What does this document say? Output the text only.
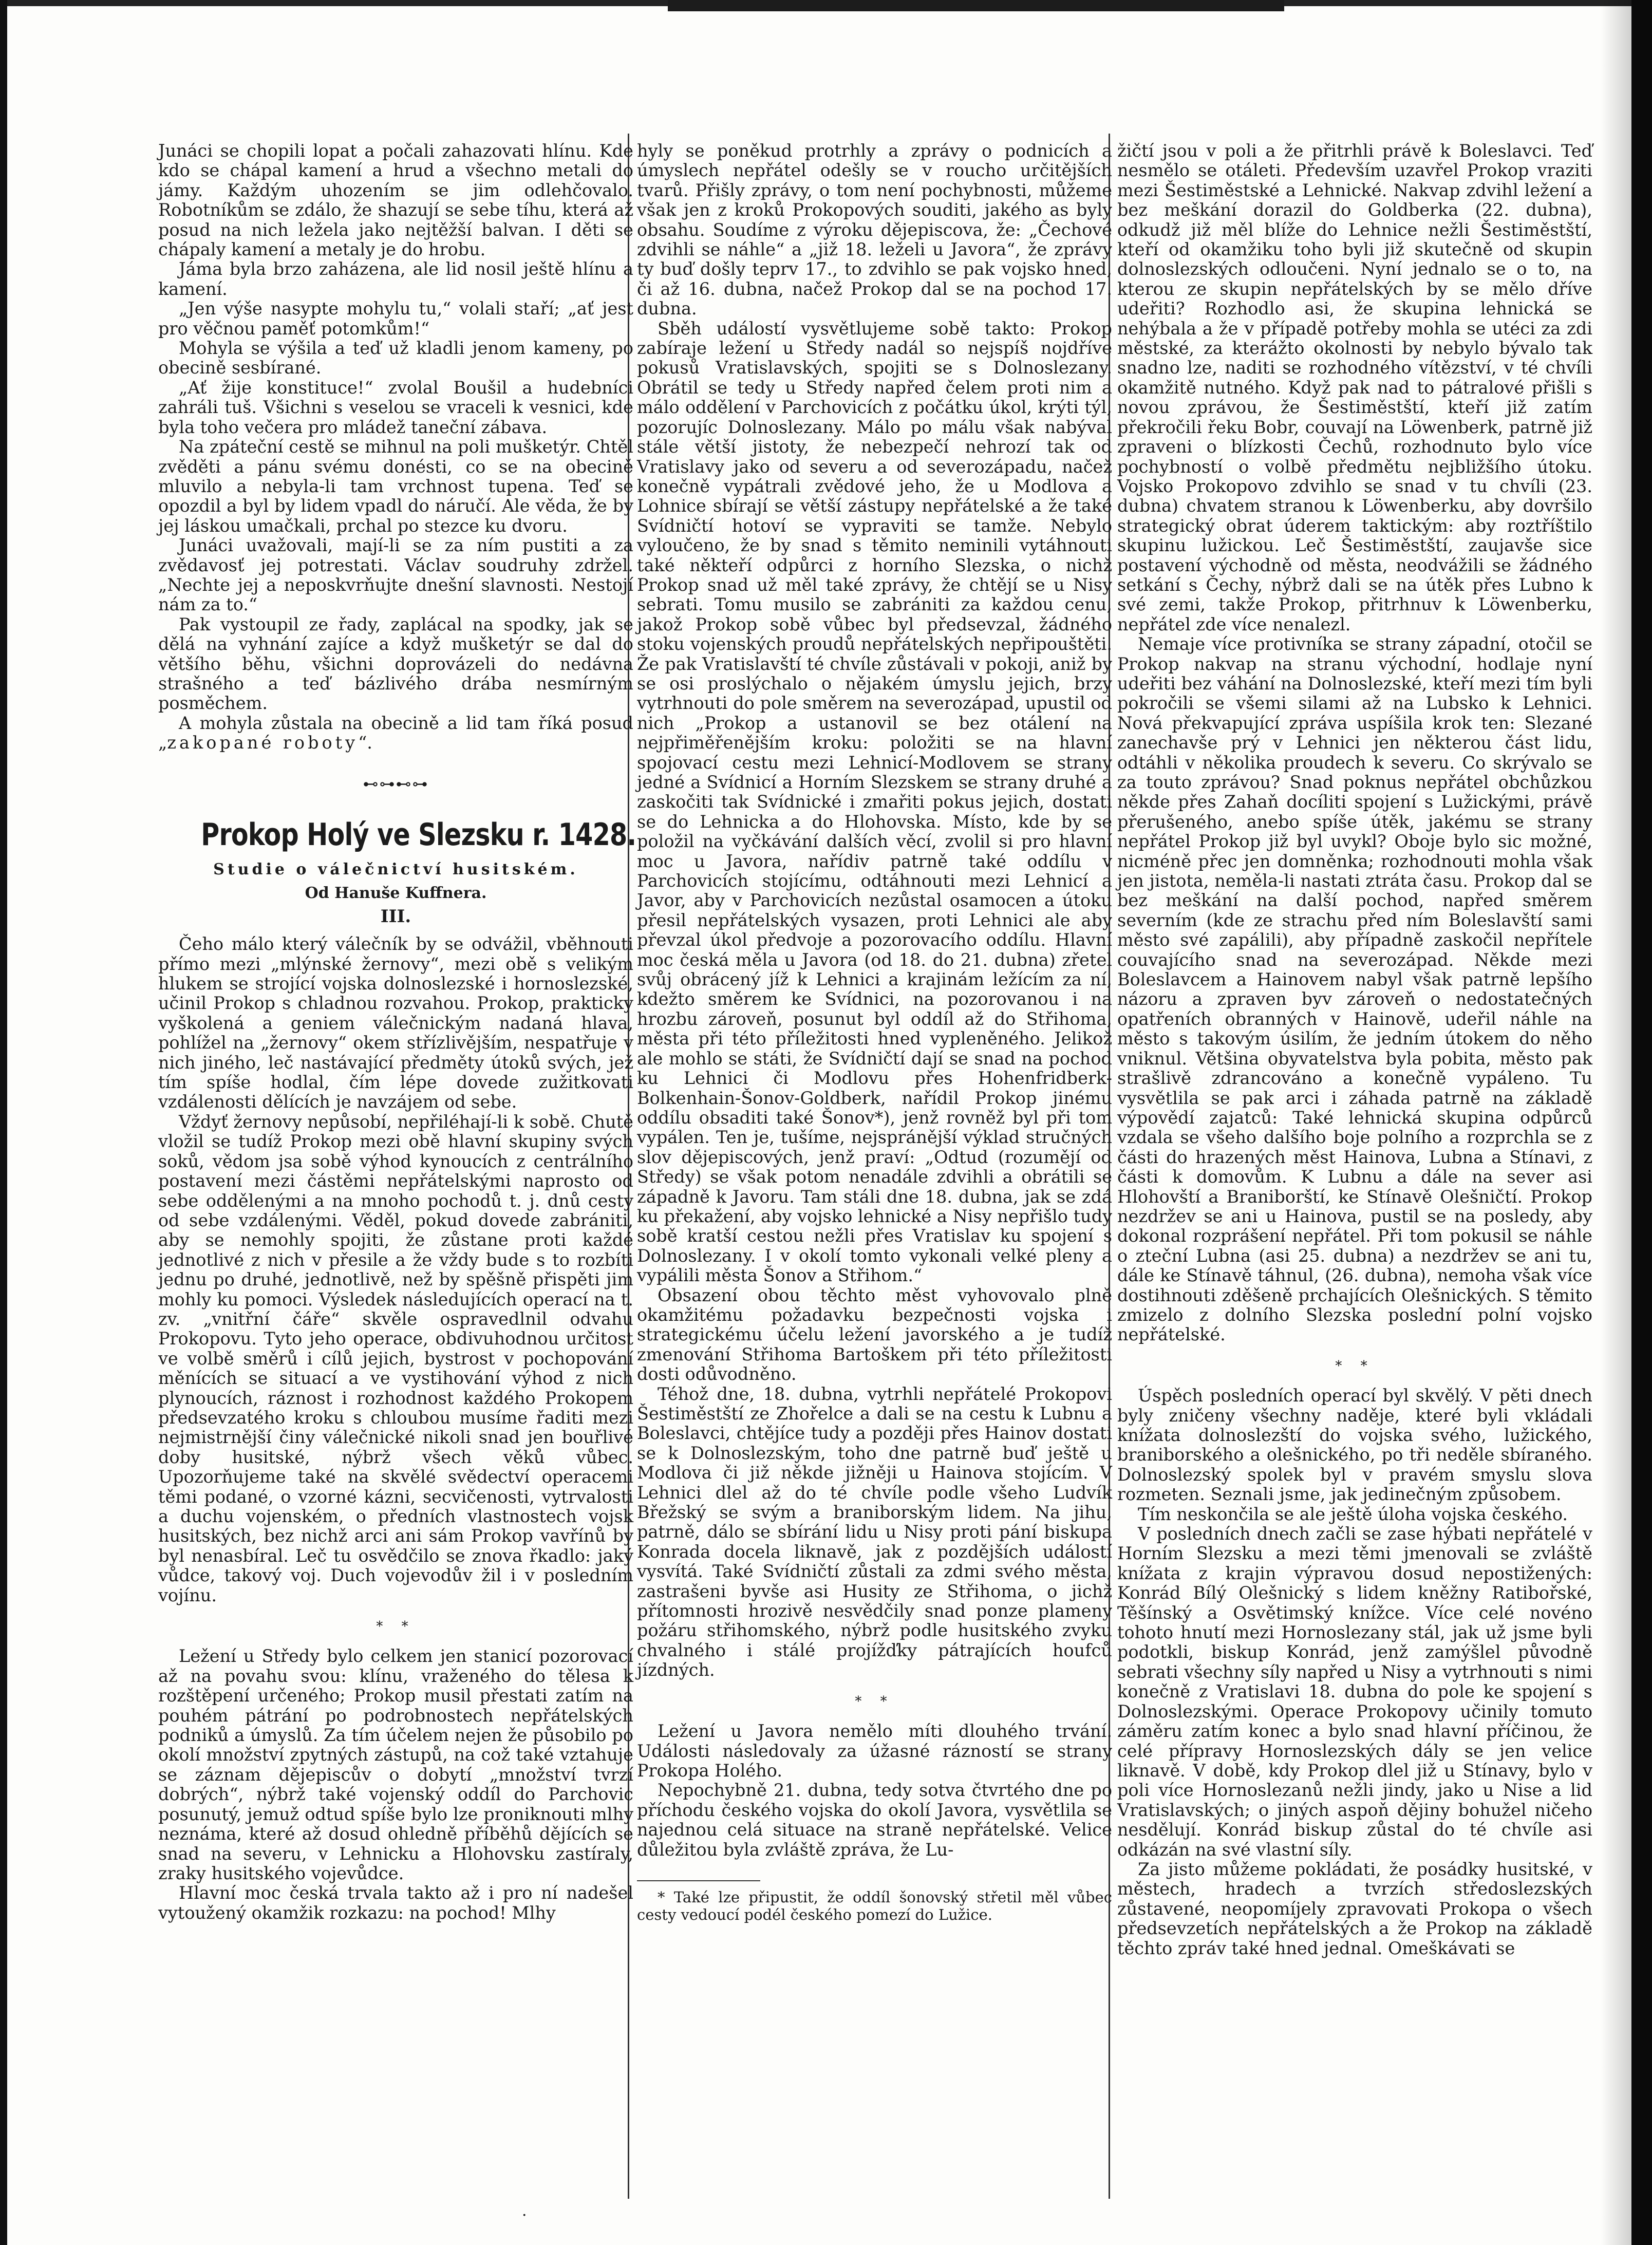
Junáci se chopili lopat a počali zahazovati hlínu. Kde kdo se chápal kamení a hrud a všechno metali do jámy. Každým uhozením se jim odlehčovalo. Robotníkům se zdálo, že shazují se sebe tíhu, která až posud na nich ležela jako nejtěžší balvan. I děti se chápaly kamení a metaly je do hrobu.

Jáma byla brzo zaházena, ale lid nosil ještě hlínu a kamení.

„Jen výše nasypte mohylu tu,“ volali staří; „ať jest pro věčnou paměť potomkům!“

Mohyla se výšila a teď už kladli jenom kameny, po obecině sesbírané.

„Ať žije konstituce!“ zvolal Boušil a hudebníci zahráli tuš. Všichni s veselou se vraceli k vesnici, kde byla toho večera pro mládež taneční zábava.

Na zpáteční cestě se mihnul na poli mušketýr. Chtěl zvěděti a pánu svému donésti, co se na obecině mluvilo a nebyla-li tam vrchnost tupena. Teď se opozdil a byl by lidem vpadl do náručí. Ale věda, že by jej láskou umačkali, prchal po stezce ku dvoru.

Junáci uvažovali, mají-li se za ním pustiti a za zvědavosť jej potrestati. Václav soudruhy zdržel. „Nechte jej a neposkvrňujte dnešní slavnosti. Nestojí nám za to.“

Pak vystoupil ze řady, zaplácal na spodky, jak se dělá na vyhnání zajíce a když mušketýr se dal do většího běhu, všichni doprovázeli do nedávna strašného a teď bázlivého drába nesmírným posměchem.

A mohyla zůstala na obecině a lid tam říká posud „zakopané roboty“.

⊷⊶⊷⊶
Prokop Holý ve Slezsku r. 1428.
Studie o válečnictví husitském.
Od Hanuše Kuffnera.
III.

Čeho málo který válečník by se odvážil, vběhnouti přímo mezi „mlýnské žernovy“, mezi obě s velikým hlukem se strojící vojska dolnoslezské i hornoslezské, učinil Prokop s chladnou rozvahou. Prokop, prakticky vyškolená a geniem válečnickým nadaná hlava, pohlížel na „žernovy“ okem střízlivějším, nespatřuje v nich jiného, leč nastávající předměty útoků svých, jež tím spíše hodlal, čím lépe dovede zužitkovati vzdálenosti dělících je navzájem od sebe.

Vždyť žernovy nepůsobí, nepřiléhají-li k sobě. Chutě vložil se tudíž Prokop mezi obě hlavní skupiny svých soků, vědom jsa sobě výhod kynoucích z centrálního postavení mezi částěmi nepřátelskými naprosto od sebe oddělenými a na mnoho pochodů t. j. dnů cesty od sebe vzdálenými. Věděl, pokud dovede zabrániti, aby se nemohly spojiti, že zůstane proti každé jednotlivé z nich v přesile a že vždy bude s to rozbíti jednu po druhé, jednotlivě, než by spěšně přispěti jim mohly ku pomoci. Výsledek následujících operací na t. zv. „vnitřní čáře“ skvěle ospravedlnil odvahu Prokopovu. Tyto jeho operace, obdivuhodnou určitost ve volbě směrů i cílů jejich, bystrost v pochopování měnících se situací a ve vystihování výhod z nich plynoucích, ráznost i rozhodnost každého Prokopem předsevzatého kroku s chloubou musíme řaditi mezi nejmistrnější činy válečnické nikoli snad jen bouřlivé doby husitské, nýbrž všech věků vůbec. Upozorňujeme také na skvělé svědectví operacemi těmi podané, o vzorné kázni, secvičenosti, vytrvalosti a duchu vojenském, o předních vlastnostech vojsk husitských, bez nichž arci ani sám Prokop vavřínů by byl nenasbíral. Leč tu osvědčilo se znova řkadlo: jaký vůdce, takový voj. Duch vojevodův žil i v posledním vojínu.

* *

Ležení u Středy bylo celkem jen stanicí pozorovací až na povahu svou: klínu, vraženého do tělesa k rozštěpení určeného; Prokop musil přestati zatím na pouhém pátrání po podrobnostech nepřátelských podniků a úmyslů. Za tím účelem nejen že působilo po okolí množství zpytných zástupů, na což také vztahuje se záznam dějepiscův o dobytí „množství tvrzí dobrých“, nýbrž také vojenský oddíl do Parchovic posunutý, jemuž odtud spíše bylo lze proniknouti mlhy neznáma, které až dosud ohledně příběhů dějících se snad na severu, v Lehnicku a Hlohovsku zastíraly, zraky husitského vojevůdce.

Hlavní moc česká trvala takto až i pro ní nadešel vytoužený okamžik rozkazu: na pochod! Mlhy

hyly se poněkud protrhly a zprávy o podnicích a úmyslech nepřátel odešly se v roucho určitějších tvarů. Přišly zprávy, o tom není pochybnosti, můžeme však jen z kroků Prokopových souditi, jakého as byly obsahu. Soudíme z výroku dějepiscova, že: „Čechové zdvihli se náhle“ a „již 18. leželi u Javora“, že zprávy ty buď došly teprv 17., to zdvihlo se pak vojsko hned, či až 16. dubna, načež Prokop dal se na pochod 17. dubna.

Sběh událostí vysvětlujeme sobě takto: Prokop zabíraje ležení u Středy nadál so nejspíš nojdříve pokusů Vratislavských, spojiti se s Dolnoslezany. Obrátil se tedy u Středy napřed čelem proti nim a málo oddělení v Parchovicích z počátku úkol, krýti týl, pozorujíc Dolnoslezany. Málo po málu však nabýval stále větší jistoty, že nebezpečí nehrozí tak od Vratislavy jako od severu a od severozápadu, načež konečně vypátrali zvědové jeho, že u Modlova a Lohnice sbírají se větší zástupy nepřátelské a že také Svídničtí hotoví se vypraviti se tamže. Nebylo vyloučeno, že by snad s těmito neminili vytáhnouti také někteří odpůrci z horního Slezska, o nichž Prokop snad už měl také zprávy, že chtějí se u Nisy sebrati. Tomu musilo se zabrániti za každou cenu, jakož Prokop sobě vůbec byl předsevzal, žádného stoku vojenských proudů nepřátelských nepřipouštěti. Že pak Vratislavští té chvíle zůstávali v pokoji, aniž by se osi proslýchalo o nějakém úmyslu jejich, brzy vytrhnouti do pole směrem na severozápad, upustil od nich „Prokop a ustanovil se bez otálení na nejpřiměřenějším kroku: položiti se na hlavní spojovací cestu mezi Lehnicí-Modlovem se strany jedné a Svídnicí a Horním Slezskem se strany druhé a zaskočiti tak Svídnické i zmařiti pokus jejich, dostati se do Lehnicka a do Hlohovska. Místo, kde by se položil na vyčkávání dalších věcí, zvolil si pro hlavní moc u Javora, nařídiv patrně také oddílu v Parchovicích stojícímu, odtáhnouti mezi Lehnicí a Javor, aby v Parchovicích nezůstal osamocen a útoku přesil nepřátelských vysazen, proti Lehnici ale aby převzal úkol předvoje a pozorovacího oddílu. Hlavní moc česká měla u Javora (od 18. do 21. dubna) zřetel svůj obrácený jíž k Lehnici a krajinám ležícím za ní, kdežto směrem ke Svídnici, na pozorovanou i na hrozbu zároveň, posunut byl oddíl až do Střihoma, města při této příležitosti hned vypleněného. Jelikož ale mohlo se státi, že Svídničtí dají se snad na pochod ku Lehnici či Modlovu přes Hohenfridberk-Bolkenhain-Šonov-Goldberk, nařídil Prokop jinému oddílu obsaditi také Šonov*), jenž rovněž byl při tom vypálen. Ten je, tušíme, nejspránější výklad stručných slov dějepiscových, jenž praví: „Odtud (rozumějí od Středy) se však potom nenadále zdvihli a obrátili se západně k Javoru. Tam stáli dne 18. dubna, jak se zdá ku překažení, aby vojsko lehnické a Nisy nepřišlo tudy sobě kratší cestou nežli přes Vratislav ku spojení s Dolnoslezany. I v okolí tomto vykonali velké pleny a vypálili města Šonov a Střihom.“

Obsazení obou těchto měst vyhovovalo plně okamžitému požadavku bezpečnosti vojska i strategickému účelu ležení javorského a je tudíž zmenování Střihoma Bartoškem při této příležitosti dosti odůvodněno.

Téhož dne, 18. dubna, vytrhli nepřátelé Prokopovi Šestiměstští ze Zhořelce a dali se na cestu k Lubnu a Boleslavci, chtějíce tudy a později přes Hainov dostati se k Dolnoslezským, toho dne patrně buď ještě u Modlova či již někde jižněji u Hainova stojícím. V Lehnici dlel až do té chvíle podle všeho Ludvík Břežský se svým a braniborským lidem. Na jihu, patrně, dálo se sbírání lidu u Nisy proti pání biskupa Konrada docela liknavě, jak z pozdějších událostí vysvítá. Také Svídničtí zůstali za zdmi svého města, zastrašeni byvše asi Husity ze Střihoma, o jichž přítomnosti hrozivě nesvědčily snad ponze plameny požáru střihomského, nýbrž podle husitského zvyku chvalného i stálé projížďky pátrajících houfců jízdných.

* *

Ležení u Javora nemělo míti dlouhého trvání. Události následovaly za úžasné rázností se strany Prokopa Holého.

Nepochybně 21. dubna, tedy sotva čtvrtého dne po příchodu českého vojska do okolí Javora, vysvětlila se najednou celá situace na straně nepřátelské. Velice důležitou byla zvláště zpráva, že Lu-

* Také lze připustit, že oddíl šonovský střetil měl vůbec cesty vedoucí podél českého pomezí do Lužice.

žičtí jsou v poli a že přitrhli právě k Boleslavci. Teď nesmělo se otáleti. Především uzavřel Prokop vraziti mezi Šestiměstské a Lehnické. Nakvap zdvihl ležení a bez meškání dorazil do Goldberka (22. dubna), odkudž již měl blíže do Lehnice nežli Šestiměstští, kteří od okamžiku toho byli již skutečně od skupin dolnoslezských odloučeni. Nyní jednalo se o to, na kterou ze skupin nepřátelských by se mělo dříve udeřiti? Rozhodlo asi, že skupina lehnická se nehýbala a že v případě potřeby mohla se utéci za zdi městské, za kterážto okolnosti by nebylo bývalo tak snadno lze, naditi se rozhodného vítězství, v té chvíli okamžitě nutného. Když pak nad to pátralové přišli s novou zprávou, že Šestiměstští, kteří již zatím překročili řeku Bobr, couvají na Löwenberk, patrně již zpraveni o blízkosti Čechů, rozhodnuto bylo více pochybností o volbě předmětu nejbližšího útoku. Vojsko Prokopovo zdvihlo se snad v tu chvíli (23. dubna) chvatem stranou k Löwenberku, aby dovršilo strategický obrat úderem taktickým: aby roztříštilo skupinu lužickou. Leč Šestiměstští, zaujavše sice postavení východně od města, neodvážili se žádného setkání s Čechy, nýbrž dali se na útěk přes Lubno k své zemi, takže Prokop, přitrhnuv k Löwenberku, nepřátel zde více nenalezl.

Nemaje více protivníka se strany západní, otočil se Prokop nakvap na stranu východní, hodlaje nyní udeřiti bez váhání na Dolnoslezské, kteří mezi tím byli pokročili se všemi silami až na Lubsko k Lehnici. Nová překvapující zpráva uspíšila krok ten: Slezané zanechavše prý v Lehnici jen některou část lidu, odtáhli v několika proudech k severu. Co skrývalo se za touto zprávou? Snad poknus nepřátel obchůzkou někde přes Zahaň docíliti spojení s Lužickými, právě přerušeného, anebo spíše útěk, jakému se strany nepřátel Prokop již byl uvykl? Oboje bylo sic možné, nicméně přec jen domněnka; rozhodnouti mohla však jen jistota, neměla-li nastati ztráta času. Prokop dal se bez meškání na další pochod, napřed směrem severním (kde ze strachu před ním Boleslavští sami město své zapálili), aby případně zaskočil nepřítele couvajícího snad na severozápad. Někde mezi Boleslavcem a Hainovem nabyl však patrně lepšího názoru a zpraven byv zároveň o nedostatečných opatřeních obranných v Hainově, udeřil náhle na město s takovým úsilím, že jedním útokem do něho vniknul. Většina obyvatelstva byla pobita, město pak strašlivě zdrancováno a konečně vypáleno. Tu vysvětlila se pak arci i záhada patrně na základě výpovědí zajatců: Také lehnická skupina odpůrců vzdala se všeho dalšího boje polního a rozprchla se z části do hrazených měst Hainova, Lubna a Stínavi, z části k domovům. K Lubnu a dále na sever asi Hlohovští a Braniborští, ke Stínavě Olešničtí. Prokop nezdržev se ani u Hainova, pustil se na posledy, aby dokonal rozprášení nepřátel. Při tom pokusil se náhle o zteční Lubna (asi 25. dubna) a nezdržev se ani tu, dále ke Stínavě táhnul, (26. dubna), nemoha však více dostihnouti zděšeně prchajících Olešnických. S těmito zmizelo z dolního Slezska poslední polní vojsko nepřátelské.

* *

Úspěch posledních operací byl skvělý. V pěti dnech byly zničeny všechny naděje, které byli vkládali knížata dolnoslezští do vojska svého, lužického, braniborského a olešnického, po tři neděle sbíraného. Dolnoslezský spolek byl v pravém smyslu slova rozmeten. Seznali jsme, jak jedinečným způsobem.

Tím neskončila se ale ještě úloha vojska českého.

V posledních dnech začli se zase hýbati nepřátelé v Horním Slezsku a mezi těmi jmenovali se zvláště knížata z krajin výpravou dosud nepostižených: Konrád Bílý Olešnický s lidem kněžny Ratibořské, Těšínský a Osvětimský knížce. Více celé novéno tohoto hnutí mezi Hornoslezany stál, jak už jsme byli podotkli, biskup Konrád, jenž zamýšlel původně sebrati všechny síly napřed u Nisy a vytrhnouti s nimi konečně z Vratislavi 18. dubna do pole ke spojení s Dolnoslezskými. Operace Prokopovy učinily tomuto záměru zatím konec a bylo snad hlavní příčinou, že celé přípravy Hornoslezských dály se jen velice liknavě. V době, kdy Prokop dlel již u Stínavy, bylo v poli více Hornoslezanů nežli jindy, jako u Nise a lid Vratislavských; o jiných aspoň dějiny bohužel ničeho nesdělují. Konrád biskup zůstal do té chvíle asi odkázán na své vlastní síly.

Za jisto můžeme pokládati, že posádky husitské, v městech, hradech a tvrzích středoslezských zůstavené, neopomíjely zpravovati Prokopa o všech předsevzetích nepřátelských a že Prokop na základě těchto zpráv také hned jednal. Omeškávati se

·
